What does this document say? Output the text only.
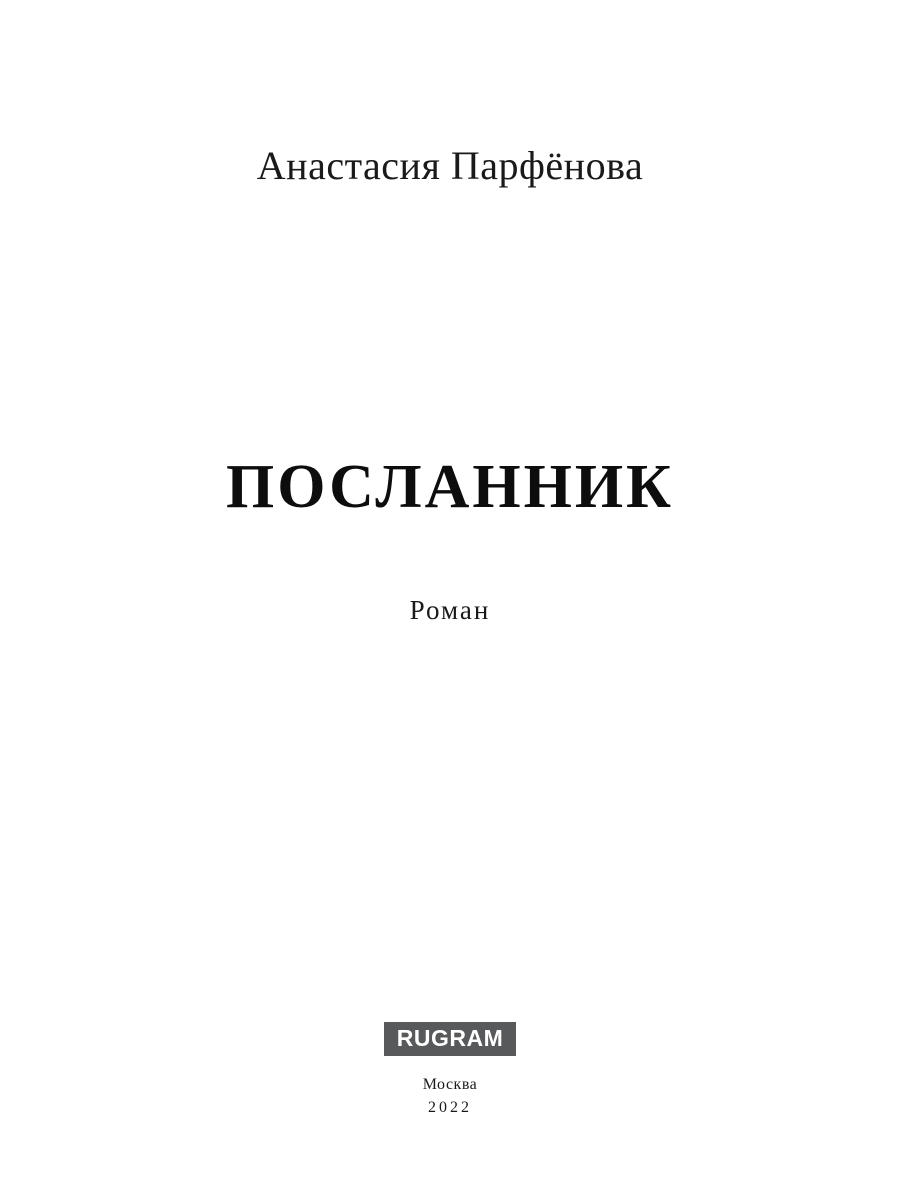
Анастасия Парфёнова
ПОСЛАННИК
Роман
RUGRAM
Москва
2022
